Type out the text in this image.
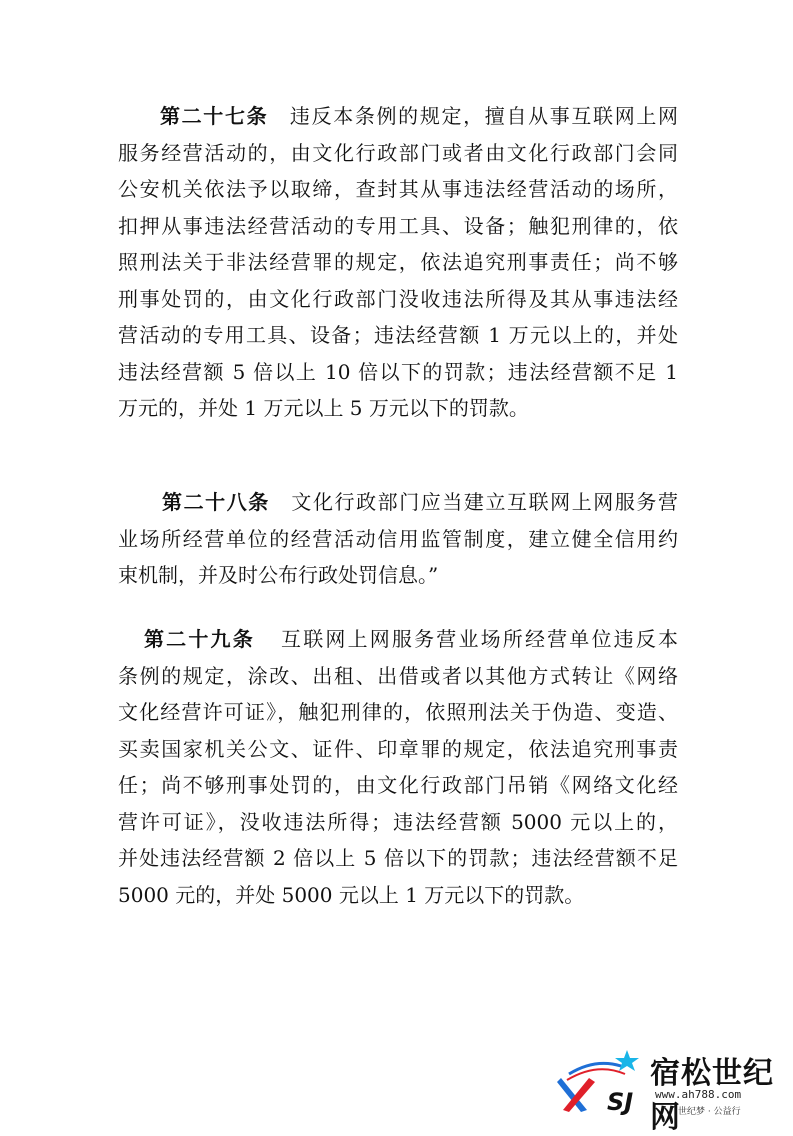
第二十七条 违反本条例的规定，擅自从事互联网上网
服务经营活动的，由文化行政部门或者由文化行政部门会同
公安机关依法予以取缔，查封其从事违法经营活动的场所，
扣押从事违法经营活动的专用工具、设备；触犯刑律的，依
照刑法关于非法经营罪的规定，依法追究刑事责任；尚不够
刑事处罚的，由文化行政部门没收违法所得及其从事违法经
营活动的专用工具、设备；违法经营额 1 万元以上的，并处
违法经营额 5 倍以上 10 倍以下的罚款；违法经营额不足 1
万元的，并处 1 万元以上 5 万元以下的罚款。
第二十八条 文化行政部门应当建立互联网上网服务营
业场所经营单位的经营活动信用监管制度，建立健全信用约
束机制，并及时公布行政处罚信息。”
第二十九条 互联网上网服务营业场所经营单位违反本
条例的规定，涂改、出租、出借或者以其他方式转让《网络
文化经营许可证》，触犯刑律的，依照刑法关于伪造、变造、
买卖国家机关公文、证件、印章罪的规定，依法追究刑事责
任；尚不够刑事处罚的，由文化行政部门吊销《网络文化经
营许可证》，没收违法所得；违法经营额 5000 元以上的，
并处违法经营额 2 倍以上 5 倍以下的罚款；违法经营额不足
5000 元的，并处 5000 元以上 1 万元以下的罚款。
SJ
宿松世纪网
www.ah788.com
世纪梦 · 公益行
